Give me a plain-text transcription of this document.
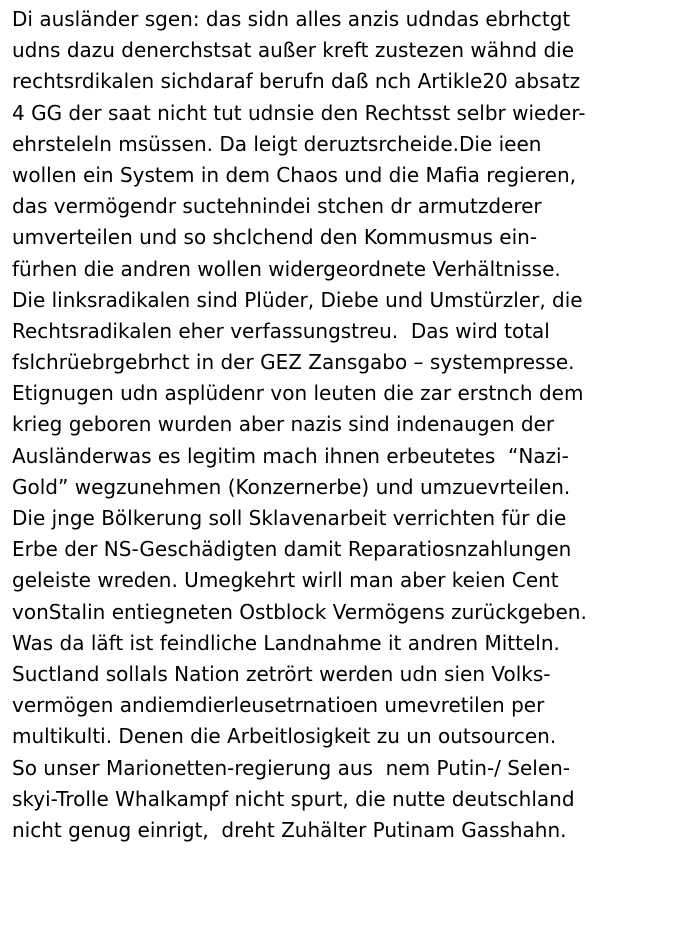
Di ausländer sgen: das sidn alles anzis udndas ebrhctgt
udns dazu denerchstsat außer kreft zustezen wähnd die
rechtsrdikalen sichdaraf berufn daß nch Artikle20 absatz
4 GG der saat nicht tut udnsie den Rechtsst selbr wieder-
ehrsteleln msüssen. Da leigt deruztsrcheide.Die ieen
wollen ein System in dem Chaos und die Mafia regieren,
das vermögendr suctehnindei stchen dr armutzderer
umverteilen und so shclchend den Kommusmus ein-
fürhen die andren wollen widergeordnete Verhältnisse.
Die linksradikalen sind Plüder, Diebe und Umstürzler, die
Rechtsradikalen eher verfassungstreu.  Das wird total
fslchrüebrgebrhct in der GEZ Zansgabo – systempresse.
Etignugen udn asplüdenr von leuten die zar erstnch dem
krieg geboren wurden aber nazis sind indenaugen der
Ausländerwas es legitim mach ihnen erbeutetes  “Nazi-
Gold” wegzunehmen (Konzernerbe) und umzuevrteilen.
Die jnge Bölkerung soll Sklavenarbeit verrichten für die
Erbe der NS-Geschädigten damit Reparatiosnzahlungen
geleiste wreden. Umegkehrt wirll man aber keien Cent
vonStalin entiegneten Ostblock Vermögens zurückgeben.
Was da läft ist feindliche Landnahme it andren Mitteln.
Suctland sollals Nation zetrört werden udn sien Volks-
vermögen andiemdierleusetrnatioen umevretilen per
multikulti. Denen die Arbeitlosigkeit zu un outsourcen.
So unser Marionetten-regierung aus  nem Putin-/ Selen-
skyi-Trolle Whalkampf nicht spurt, die nutte deutschland
nicht genug einrigt,  dreht Zuhälter Putinam Gasshahn.
